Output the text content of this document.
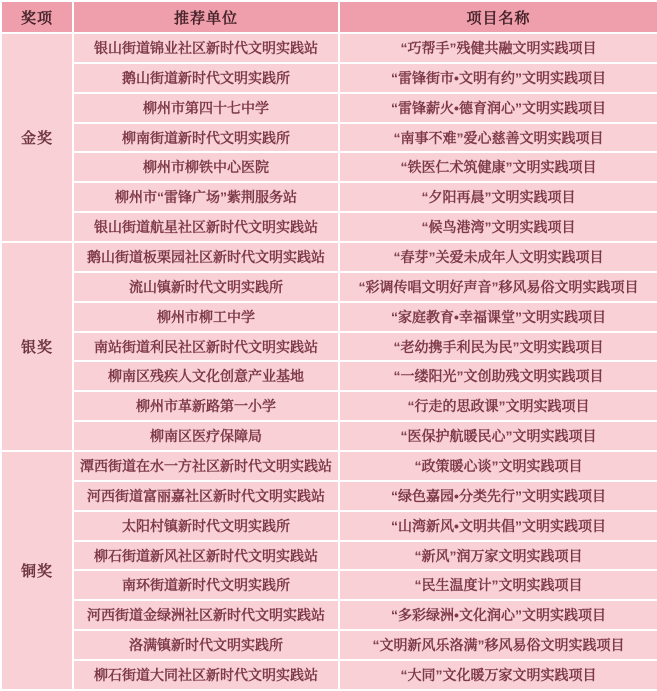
奖项	推荐单位	项目名称
金奖	银山街道锦业社区新时代文明实践站	“巧帮手”残健共融文明实践项目
	鹅山街道新时代文明实践所	“雷锋街市•文明有约”文明实践项目
	柳州市第四十七中学	“雷锋薪火•德育润心”文明实践项目
	柳南街道新时代文明实践所	“南事不难”爱心慈善文明实践项目
	柳州市柳铁中心医院	“铁医仁术筑健康”文明实践项目
	柳州市“雷锋广场”紫荆服务站	“夕阳再晨”文明实践项目
	银山街道航星社区新时代文明实践站	“候鸟港湾”文明实践项目
银奖	鹅山街道板栗园社区新时代文明实践站	“春芽”关爱未成年人文明实践项目
	流山镇新时代文明实践所	“彩调传唱文明好声音”移风易俗文明实践项目
	柳州市柳工中学	“家庭教育•幸福课堂”文明实践项目
	南站街道利民社区新时代文明实践站	“老幼携手利民为民”文明实践项目
	柳南区残疾人文化创意产业基地	“一缕阳光”文创助残文明实践项目
	柳州市革新路第一小学	“行走的思政课”文明实践项目
	柳南区医疗保障局	“医保护航暖民心”文明实践项目
铜奖	潭西街道在水一方社区新时代文明实践站	“政策暖心谈”文明实践项目
	河西街道富丽嘉社区新时代文明实践站	“绿色嘉园•分类先行”文明实践项目
	太阳村镇新时代文明实践所	“山湾新风•文明共倡”文明实践项目
	柳石街道新风社区新时代文明实践站	“新风”润万家文明实践项目
	南环街道新时代文明实践所	“民生温度计”文明实践项目
	河西街道金绿洲社区新时代文明实践站	“多彩绿洲•文化润心”文明实践项目
	洛满镇新时代文明实践所	“文明新风乐洛满”移风易俗文明实践项目
	柳石街道大同社区新时代文明实践站	“大同”文化暖万家文明实践项目
